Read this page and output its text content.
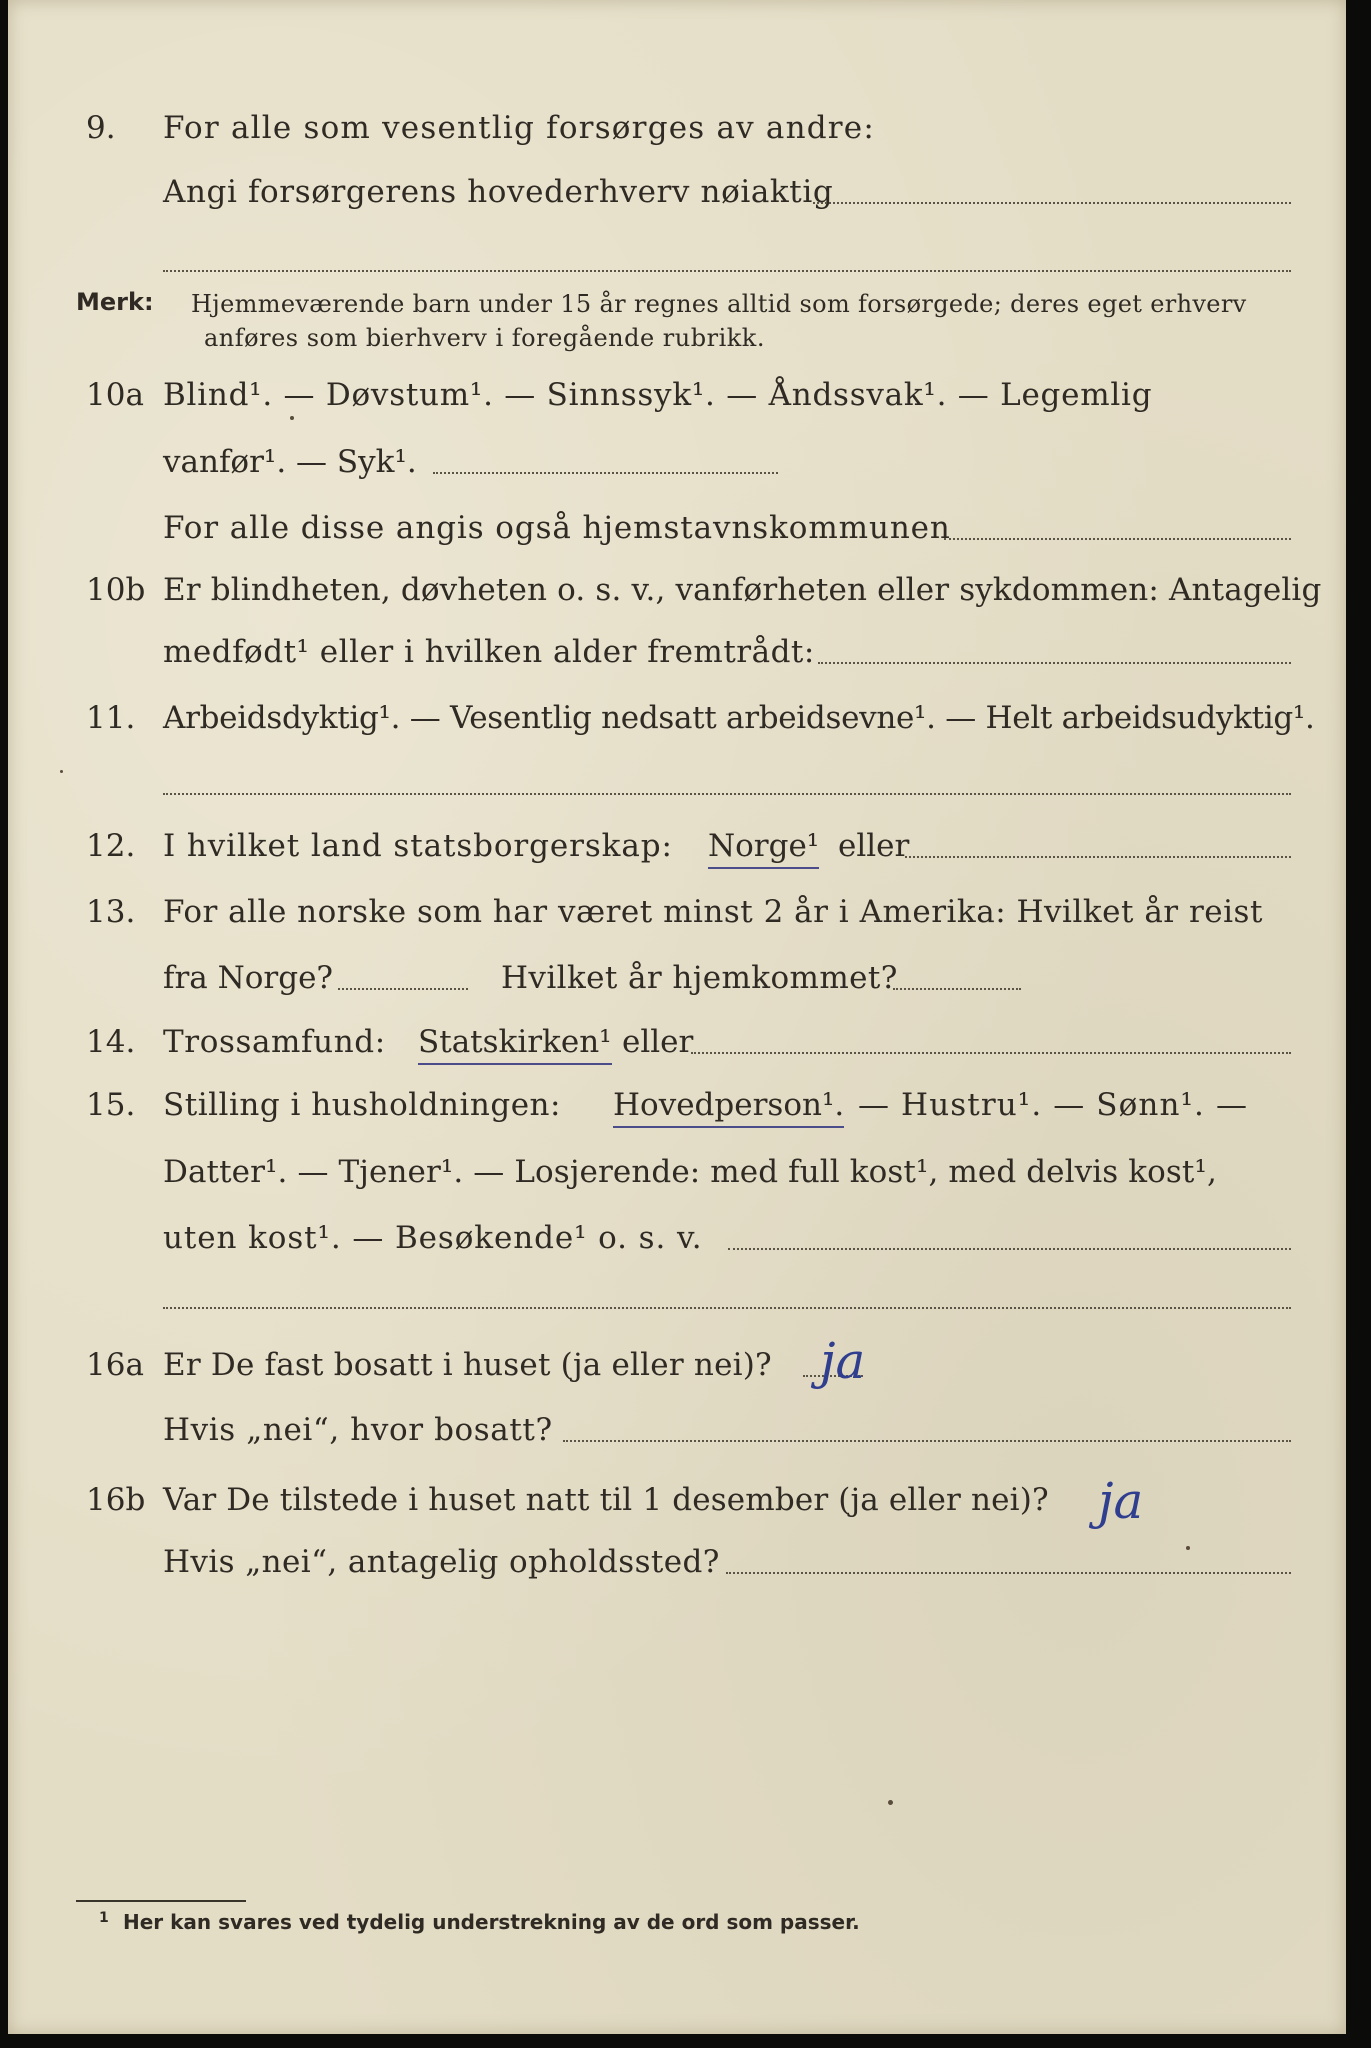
9. For alle som vesentlig forsørges av andre:
Angi forsørgerens hovederhverv nøiaktig
Merk: Hjemmeværende barn under 15 år regnes alltid som forsørgede; deres eget erhverv
anføres som bierhverv i foregående rubrikk.
10a Blind¹. — Døvstum¹. — Sinnssyk¹. — Åndssvak¹. — Legemlig
vanfør¹. — Syk¹.
For alle disse angis også hjemstavnskommunen
10b Er blindheten, døvheten o. s. v., vanførheten eller sykdommen: Antagelig
medfødt¹ eller i hvilken alder fremtrådt:
11. Arbeidsdyktig¹. — Vesentlig nedsatt arbeidsevne¹. — Helt arbeidsudyktig¹.
12. I hvilket land statsborgerskap: Norge¹ eller
13. For alle norske som har været minst 2 år i Amerika: Hvilket år reist
fra Norge?	Hvilket år hjemkommet?
14. Trossamfund: Statskirken¹ eller
15. Stilling i husholdningen: Hovedperson¹. — Hustru¹. — Sønn¹. —
Datter¹. — Tjener¹. — Losjerende: med full kost¹, med delvis kost¹,
uten kost¹. — Besøkende¹ o. s. v.
16a Er De fast bosatt i huset (ja eller nei)? ja
Hvis „nei“, hvor bosatt?
16b Var De tilstede i huset natt til 1 desember (ja eller nei)? ja
Hvis „nei“, antagelig opholdssted?
1 Her kan svares ved tydelig understrekning av de ord som passer.
